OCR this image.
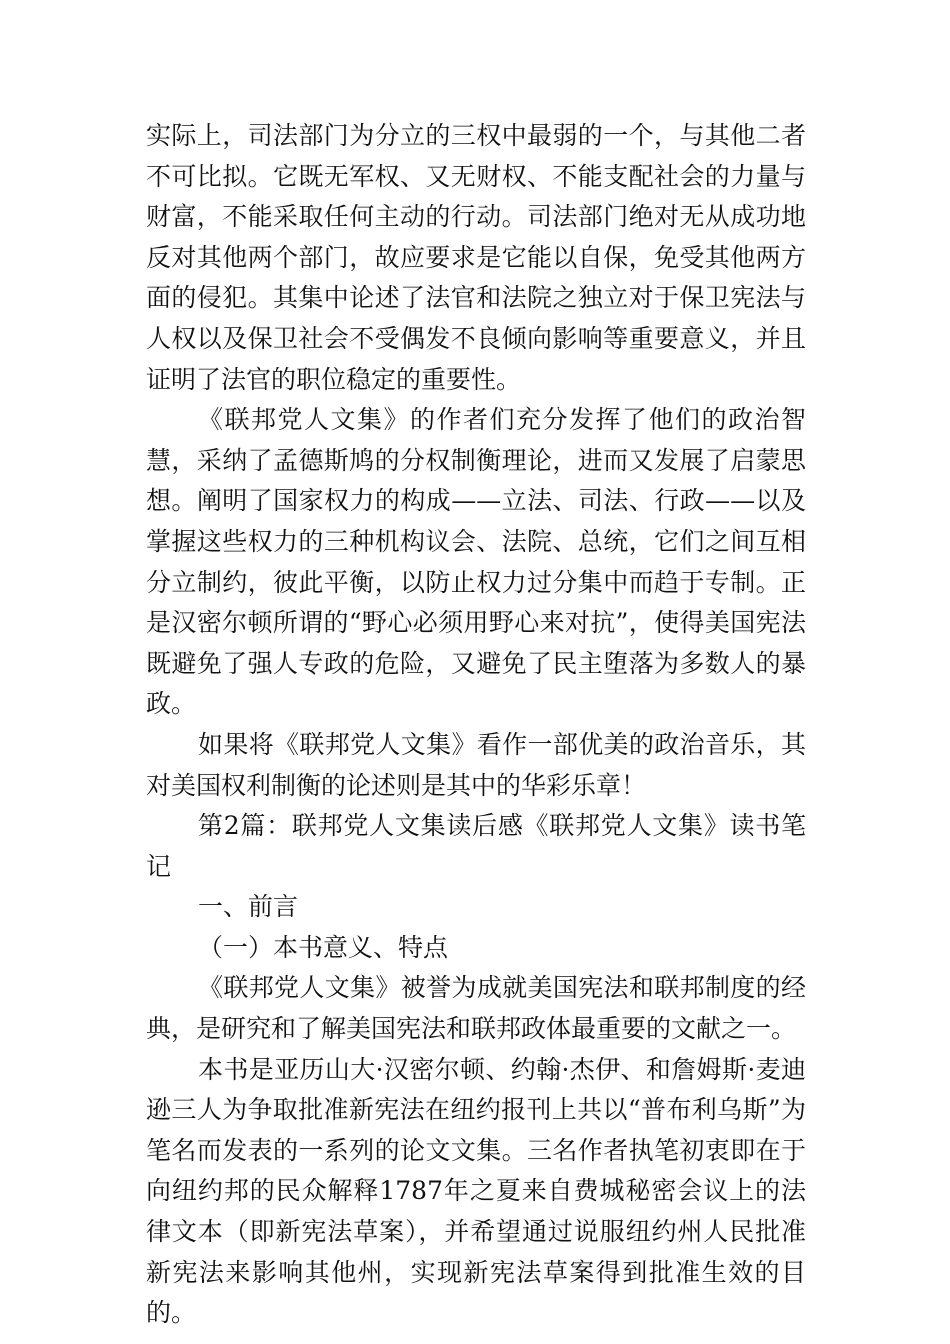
实际上，司法部门为分立的三权中最弱的一个，与其他二者不可比拟。它既无军权、又无财权、不能支配社会的力量与财富，不能采取任何主动的行动。司法部门绝对无从成功地反对其他两个部门，故应要求是它能以自保，免受其他两方面的侵犯。其集中论述了法官和法院之独立对于保卫宪法与人权以及保卫社会不受偶发不良倾向影响等重要意义，并且证明了法官的职位稳定的重要性。

《联邦党人文集》的作者们充分发挥了他们的政治智慧，采纳了孟德斯鸠的分权制衡理论，进而又发展了启蒙思想。阐明了国家权力的构成——立法、司法、行政——以及掌握这些权力的三种机构议会、法院、总统，它们之间互相分立制约，彼此平衡，以防止权力过分集中而趋于专制。正是汉密尔顿所谓的“野心必须用野心来对抗”，使得美国宪法既避免了强人专政的危险，又避免了民主堕落为多数人的暴政。

如果将《联邦党人文集》看作一部优美的政治音乐，其对美国权利制衡的论述则是其中的华彩乐章！

第2篇：联邦党人文集读后感《联邦党人文集》读书笔记

一、前言

（一）本书意义、特点

《联邦党人文集》被誉为成就美国宪法和联邦制度的经典，是研究和了解美国宪法和联邦政体最重要的文献之一。

本书是亚历山大·汉密尔顿、约翰·杰伊、和詹姆斯·麦迪逊三人为争取批准新宪法在纽约报刊上共以“普布利乌斯”为笔名而发表的一系列的论文文集。三名作者执笔初衷即在于向纽约邦的民众解释1787年之夏来自费城秘密会议上的法律文本（即新宪法草案），并希望通过说服纽约州人民批准新宪法来影响其他州，实现新宪法草案得到批准生效的目的。
